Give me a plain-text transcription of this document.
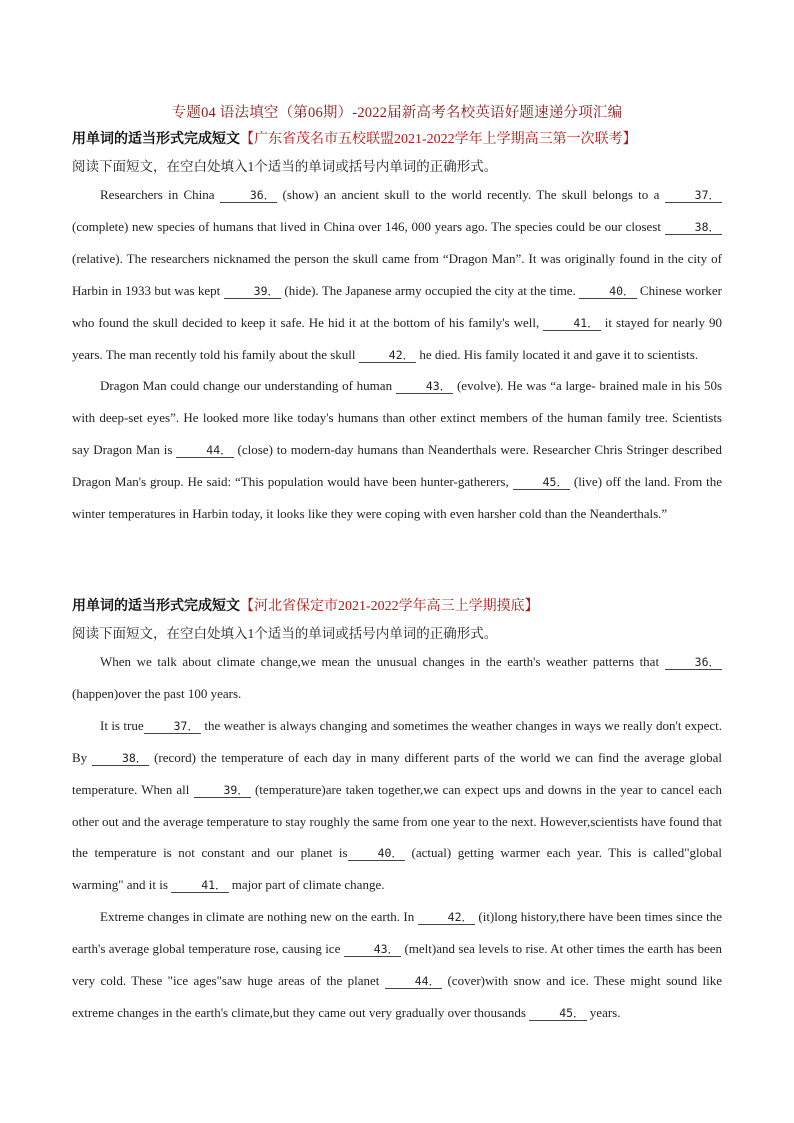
专题04 语法填空（第06期）-2022届新高考名校英语好题速递分项汇编
用单词的适当形式完成短文【广东省茂名市五校联盟2021-2022学年上学期高三第一次联考】
阅读下面短文，在空白处填入1个适当的单词或括号内单词的正确形式。

Researchers in China	36． (show) an ancient skull to the world recently. The skull belongs to a	37． (complete) new species of humans that lived in China over 146, 000 years ago. The species could be our closest	38． (relative). The researchers nicknamed the person the skull came from “Dragon Man”. It was originally found in the city of Harbin in 1933 but was kept	39． (hide). The Japanese army occupied the city at the time.	40． Chinese worker who found the skull decided to keep it safe. He hid it at the bottom of his family's well,	41． it stayed for nearly 90 years. The man recently told his family about the skull	42． he died. His family located it and gave it to scientists.

Dragon Man could change our understanding of human	43． (evolve). He was “a large- brained male in his 50s with deep-set eyes”. He looked more like today's humans than other extinct members of the human family tree. Scientists say Dragon Man is	44． (close) to modern-day humans than Neanderthals were. Researcher Chris Stringer described Dragon Man's group. He said: “This population would have been hunter-gatherers,	45． (live) off the land. From the winter temperatures in Harbin today, it looks like they were coping with even harsher cold than the Neanderthals.”

用单词的适当形式完成短文【河北省保定市2021-2022学年高三上学期摸底】
阅读下面短文，在空白处填入1个适当的单词或括号内单词的正确形式。

When we talk about climate change,we mean the unusual changes in the earth's weather patterns that	36． (happen)over the past 100 years.

It is true	37． the weather is always changing and sometimes the weather changes in ways we really don't expect. By	38． (record) the temperature of each day in many different parts of the world we can find the average global temperature. When all	39． (temperature)are taken together,we can expect ups and downs in the year to cancel each other out and the average temperature to stay roughly the same from one year to the next. However,scientists have found that the temperature is not constant and our planet is	40． (actual) getting warmer each year. This is called"global warming" and it is	41． major part of climate change.

Extreme changes in climate are nothing new on the earth. In	42． (it)long history,there have been times since the earth's average global temperature rose, causing ice	43． (melt)and sea levels to rise. At other times the earth has been very cold. These "ice ages"saw huge areas of the planet	44． (cover)with snow and ice. These might sound like extreme changes in the earth's climate,but they came out very gradually over thousands	45． years.
